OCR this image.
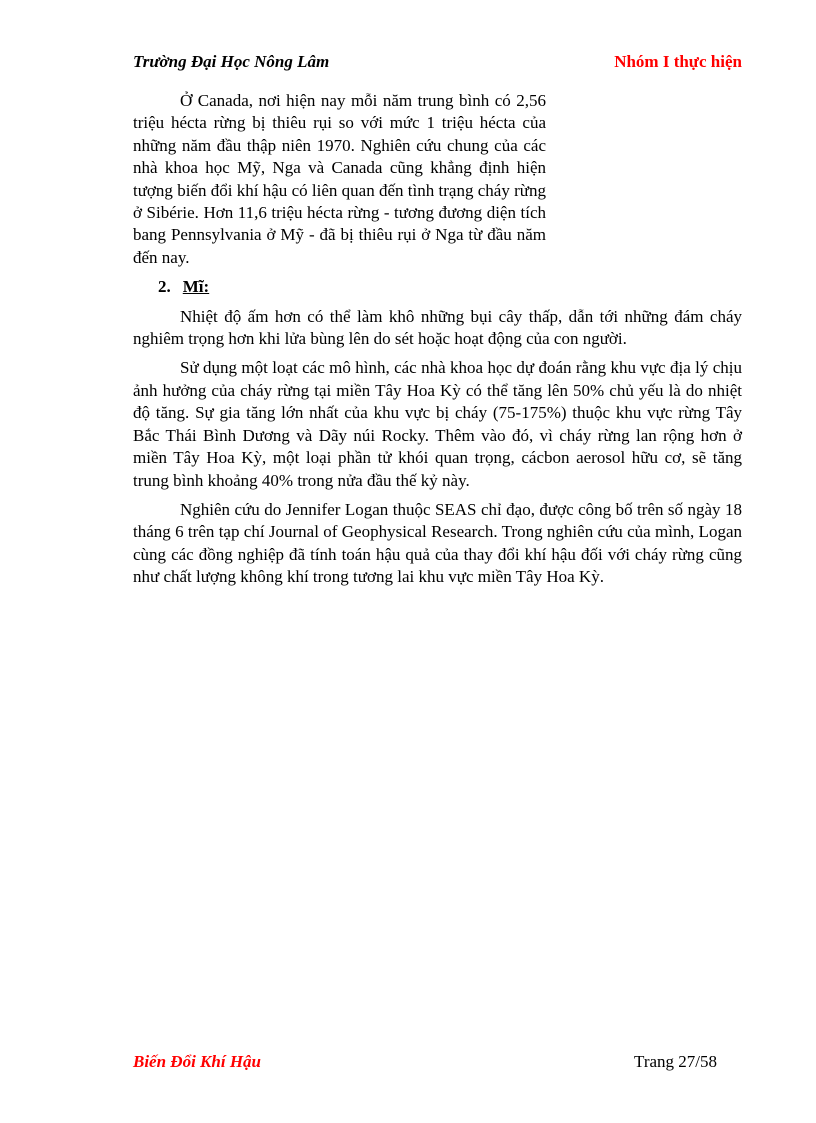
Trường Đại Học Nông Lâm	Nhóm I thực hiện

Ở Canada, nơi hiện nay mỗi năm trung bình có 2,56 triệu hécta rừng bị thiêu rụi so với mức 1 triệu hécta của những năm đầu thập niên 1970. Nghiên cứu chung của các nhà khoa học Mỹ, Nga và Canada cũng khẳng định hiện tượng biến đổi khí hậu có liên quan đến tình trạng cháy rừng ở Sibérie. Hơn 11,6 triệu hécta rừng - tương đương diện tích bang Pennsylvania ở Mỹ - đã bị thiêu rụi ở Nga từ đầu năm đến nay.

2. Mĩ:

Nhiệt độ ấm hơn có thể làm khô những bụi cây thấp, dẫn tới những đám cháy nghiêm trọng hơn khi lửa bùng lên do sét hoặc hoạt động của con người.

Sử dụng một loạt các mô hình, các nhà khoa học dự đoán rằng khu vực địa lý chịu ảnh hưởng của cháy rừng tại miền Tây Hoa Kỳ có thể tăng lên 50% chủ yếu là do nhiệt độ tăng. Sự gia tăng lớn nhất của khu vực bị cháy (75-175%) thuộc khu vực rừng Tây Bắc Thái Bình Dương và Dãy núi Rocky. Thêm vào đó, vì cháy rừng lan rộng hơn ở miền Tây Hoa Kỳ, một loại phần tử khói quan trọng, cácbon aerosol hữu cơ, sẽ tăng trung bình khoảng 40% trong nửa đầu thế kỷ này.

Nghiên cứu do Jennifer Logan thuộc SEAS chỉ đạo, được công bố trên số ngày 18 tháng 6 trên tạp chí Journal of Geophysical Research. Trong nghiên cứu của mình, Logan cùng các đồng nghiệp đã tính toán hậu quả của thay đổi khí hậu đối với cháy rừng cũng như chất lượng không khí trong tương lai khu vực miền Tây Hoa Kỳ.

Biến Đổi Khí Hậu	Trang 27/58
